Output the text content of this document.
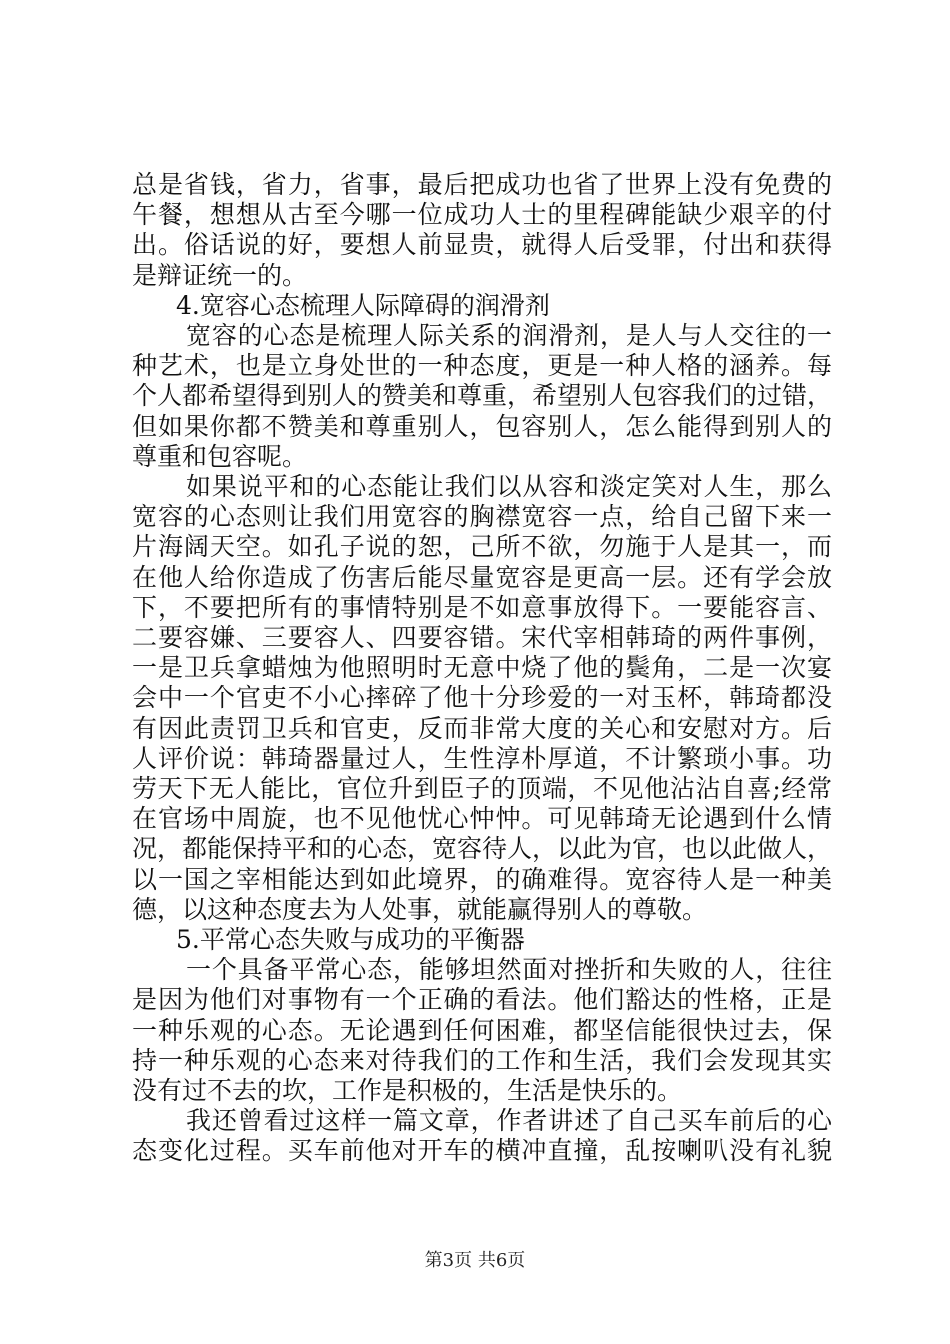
总是省钱，省力，省事，最后把成功也省了世界上没有免费的
午餐，想想从古至今哪一位成功人士的里程碑能缺少艰辛的付
出。俗话说的好，要想人前显贵，就得人后受罪，付出和获得
是辩证统一的。
4.宽容心态梳理人际障碍的润滑剂
宽容的心态是梳理人际关系的润滑剂，是人与人交往的一
种艺术，也是立身处世的一种态度，更是一种人格的涵养。每
个人都希望得到别人的赞美和尊重，希望别人包容我们的过错，
但如果你都不赞美和尊重别人，包容别人，怎么能得到别人的
尊重和包容呢。
如果说平和的心态能让我们以从容和淡定笑对人生，那么
宽容的心态则让我们用宽容的胸襟宽容一点，给自己留下来一
片海阔天空。如孔子说的恕，己所不欲，勿施于人是其一，而
在他人给你造成了伤害后能尽量宽容是更高一层。还有学会放
下，不要把所有的事情特别是不如意事放得下。一要能容言、
二要容嫌、三要容人、四要容错。宋代宰相韩琦的两件事例，
一是卫兵拿蜡烛为他照明时无意中烧了他的鬓角，二是一次宴
会中一个官吏不小心摔碎了他十分珍爱的一对玉杯，韩琦都没
有因此责罚卫兵和官吏，反而非常大度的关心和安慰对方。后
人评价说：韩琦器量过人，生性淳朴厚道，不计繁琐小事。功
劳天下无人能比，官位升到臣子的顶端，不见他沾沾自喜;经常
在官场中周旋，也不见他忧心忡忡。可见韩琦无论遇到什么情
况，都能保持平和的心态，宽容待人，以此为官，也以此做人，
以一国之宰相能达到如此境界，的确难得。宽容待人是一种美
德，以这种态度去为人处事，就能赢得别人的尊敬。
5.平常心态失败与成功的平衡器
一个具备平常心态，能够坦然面对挫折和失败的人，往往
是因为他们对事物有一个正确的看法。他们豁达的性格，正是
一种乐观的心态。无论遇到任何困难，都坚信能很快过去，保
持一种乐观的心态来对待我们的工作和生活，我们会发现其实
没有过不去的坎，工作是积极的，生活是快乐的。
我还曾看过这样一篇文章，作者讲述了自己买车前后的心
态变化过程。买车前他对开车的横冲直撞，乱按喇叭没有礼貌
第3页 共6页
